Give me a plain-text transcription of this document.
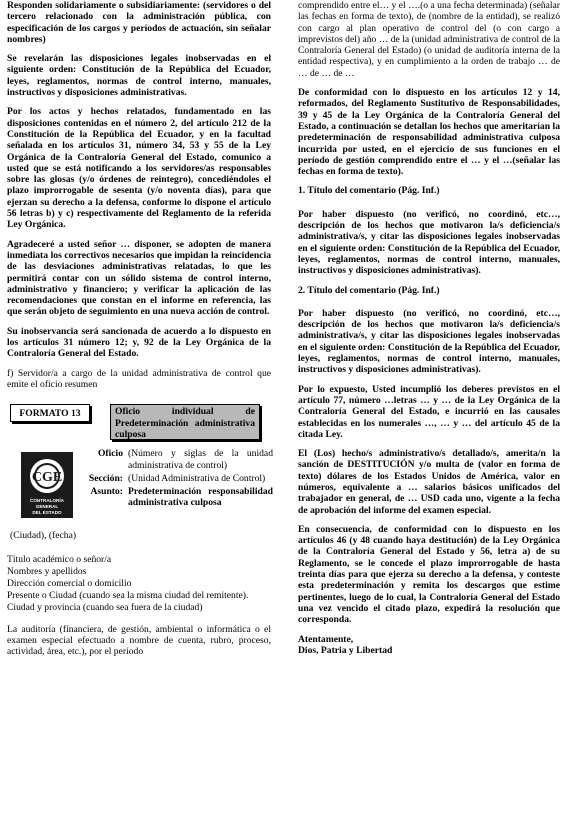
Responden solidariamente o subsidiariamente: (servidores o del tercero relacionado con la administración pública, con especificación de los cargos y períodos de actuación, sin señalar nombres)

Se revelarán las disposiciones legales inobservadas en el siguiente orden: Constitución de la República del Ecuador, leyes, reglamentos, normas de control interno, manuales, instructivos y disposiciones administrativas.

Por los actos y hechos relatados, fundamentado en las disposiciones contenidas en el número 2, del artículo 212 de la Constitución de la República del Ecuador, y en la facultad señalada en los artículos 31, número 34, 53 y 55 de la Ley Orgánica de la Contraloría General del Estado, comunico a usted que se está notificando a los servidores/as responsables sobre las glosas (y/o órdenes de reintegro), concediéndoles el plazo improrrogable de sesenta (y/o noventa días), para que ejerzan su derecho a la defensa, conforme lo dispone el artículo 56 letras b) y c) respectivamente del Reglamento de la referida Ley Orgánica.

Agradeceré a usted señor … disponer, se adopten de manera inmediata los correctivos necesarios que impidan la reincidencia de las desviaciones administrativas relatadas, lo que les permitirá contar con un sólido sistema de control interno, administrativo y financiero; y verificar la aplicación de las recomendaciones que constan en el informe en referencia, las que serán objeto de seguimiento en una nueva acción de control.

Su inobservancia será sancionada de acuerdo a lo dispuesto en los artículos 31 número 12; y, 92 de la Ley Orgánica de la Contraloría General del Estado.

f) Servidor/a a cargo de la unidad administrativa de control que emite el oficio resumen

FORMATO 13	Oficio individual de Predeterminación administrativa culposa
CGE
CONTRALORÍA
GENERAL
DEL ESTADO
Oficio (Número y siglas de la unidad administrativa de control)
Sección: (Unidad Administrativa de Control)
Asunto: Predeterminación responsabilidad administrativa culposa

(Ciudad), (fecha)

Título académico o señor/a

Nombres y apellidos

Dirección comercial o domicilio

Presente o Ciudad (cuando sea la misma ciudad del remitente).

Ciudad y provincia (cuando sea fuera de la ciudad)

La auditoría (financiera, de gestión, ambiental o informática o el examen especial efectuado a nombre de cuenta, rubro, proceso, actividad, área, etc.), por el período

comprendido entre el… y el ….(o a una fecha determinada) (señalar las fechas en forma de texto), de (nombre de la entidad), se realizó con cargo al plan operativo de control del (o con cargo a imprevistos del) año … de la (unidad administrativa de control de la Contraloría General del Estado) (o unidad de auditoría interna de la entidad respectiva), y en cumplimiento a la orden de trabajo … de … de … de …

De conformidad con lo dispuesto en los artículos 12 y 14, reformados, del Reglamento Sustitutivo de Responsabilidades, 39 y 45 de la Ley Orgánica de la Contraloría General del Estado, a continuación se detallan los hechos que ameritarían la predeterminación de responsabilidad administrativa culposa incurrida por usted, en el ejercicio de sus funciones en el período de gestión comprendido entre el … y el …(señalar las fechas en forma de texto).

1. Título del comentario (Pág. Inf.)

Por haber dispuesto (no verificó, no coordinó, etc…, descripción de los hechos que motivaron la/s deficiencia/s administrativa/s, y citar las disposiciones legales inobservadas en el siguiente orden: Constitución de la República del Ecuador, leyes, reglamentos, normas de control interno, manuales, instructivos y disposiciones administrativas).

2. Título del comentario (Pág. Inf.)

Por haber dispuesto (no verificó, no coordinó, etc…, descripción de los hechos que motivaron la/s deficiencia/s administrativa/s, y citar las disposiciones legales inobservadas en el siguiente orden: Constitución de la República del Ecuador, leyes, reglamentos, normas de control interno, manuales, instructivos y disposiciones administrativas).

Por lo expuesto, Usted incumplió los deberes previstos en el artículo 77, número …letras … y … de la Ley Orgánica de la Contraloría General del Estado, e incurrió en las causales establecidas en los numerales …, … y … del artículo 45 de la citada Ley.

El (Los) hecho/s administrativo/s detallado/s, amerita/n la sanción de DESTITUCIÓN y/o multa de (valor en forma de texto) dólares de los Estados Unidos de América, valor en números, equivalente a … salarios básicos unificados del trabajador en general, de … USD cada uno, vigente a la fecha de aprobación del informe del examen especial.

En consecuencia, de conformidad con lo dispuesto en los artículos 46 (y 48 cuando haya destitución) de la Ley Orgánica de la Contraloría General del Estado y 56, letra a) de su Reglamento, se le concede el plazo improrrogable de hasta treinta días para que ejerza su derecho a la defensa, y conteste esta predeterminación y remita los descargos que estime pertinentes, luego de lo cual, la Contraloría General del Estado una vez vencido el citado plazo, expedirá la resolución que corresponda.

Atentamente,

Dios, Patria y Libertad
